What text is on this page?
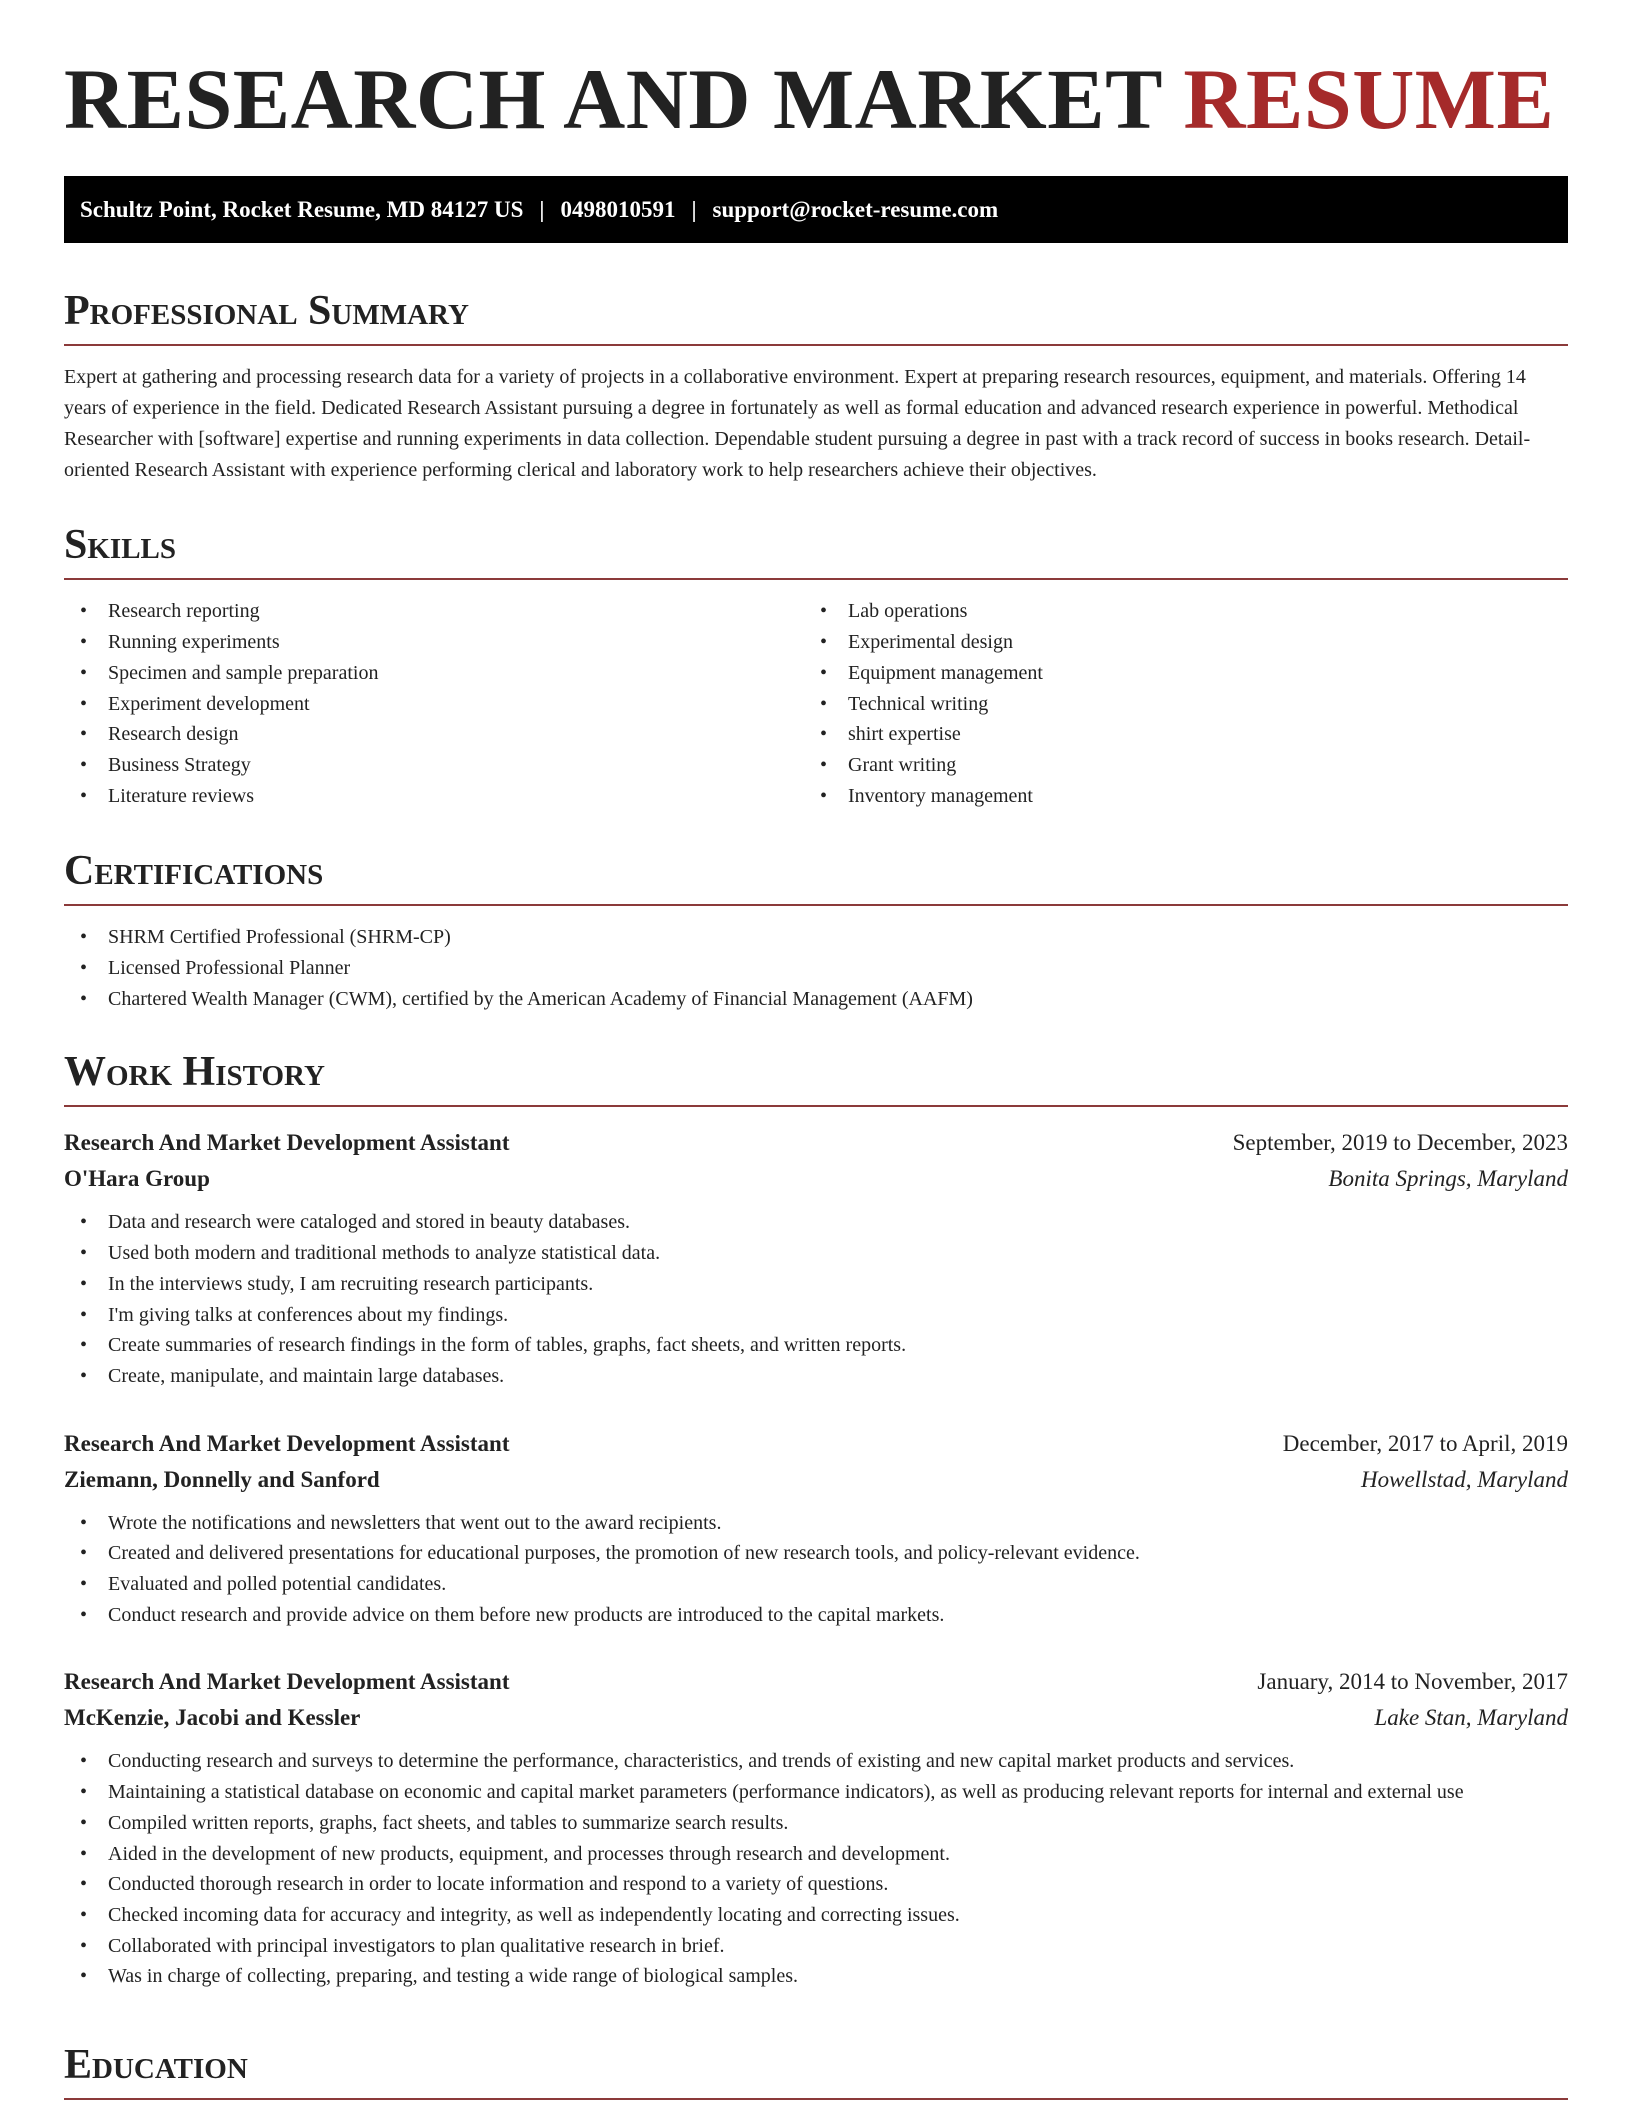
RESEARCH AND MARKET RESUME
Schultz Point, Rocket Resume, MD 84127 US | 0498010591 | support@rocket-resume.com
Professional Summary

Expert at gathering and processing research data for a variety of projects in a collaborative environment. Expert at preparing research resources, equipment, and materials. Offering 14 years of experience in the field. Dedicated Research Assistant pursuing a degree in fortunately as well as formal education and advanced research experience in powerful. Methodical Researcher with [software] expertise and running experiments in data collection. Dependable student pursuing a degree in past with a track record of success in books research. Detail-oriented Research Assistant with experience performing clerical and laboratory work to help researchers achieve their objectives.

Skills
• Research reporting
• Running experiments
• Specimen and sample preparation
• Experiment development
• Research design
• Business Strategy
• Literature reviews
• Lab operations
• Experimental design
• Equipment management
• Technical writing
• shirt expertise
• Grant writing
• Inventory management
Certifications
• SHRM Certified Professional (SHRM-CP)
• Licensed Professional Planner
• Chartered Wealth Manager (CWM), certified by the American Academy of Financial Management (AAFM)
Work History
Research And Market Development Assistant	September, 2019 to December, 2023
O'Hara Group	Bonita Springs, Maryland
• Data and research were cataloged and stored in beauty databases.
• Used both modern and traditional methods to analyze statistical data.
• In the interviews study, I am recruiting research participants.
• I'm giving talks at conferences about my findings.
• Create summaries of research findings in the form of tables, graphs, fact sheets, and written reports.
• Create, manipulate, and maintain large databases.
Research And Market Development Assistant	December, 2017 to April, 2019
Ziemann, Donnelly and Sanford	Howellstad, Maryland
• Wrote the notifications and newsletters that went out to the award recipients.
• Created and delivered presentations for educational purposes, the promotion of new research tools, and policy-relevant evidence.
• Evaluated and polled potential candidates.
• Conduct research and provide advice on them before new products are introduced to the capital markets.
Research And Market Development Assistant	January, 2014 to November, 2017
McKenzie, Jacobi and Kessler	Lake Stan, Maryland
• Conducting research and surveys to determine the performance, characteristics, and trends of existing and new capital market products and services.
• Maintaining a statistical database on economic and capital market parameters (performance indicators), as well as producing relevant reports for internal and external use
• Compiled written reports, graphs, fact sheets, and tables to summarize search results.
• Aided in the development of new products, equipment, and processes through research and development.
• Conducted thorough research in order to locate information and respond to a variety of questions.
• Checked incoming data for accuracy and integrity, as well as independently locating and correcting issues.
• Collaborated with principal investigators to plan qualitative research in brief.
• Was in charge of collecting, preparing, and testing a wide range of biological samples.
Education
